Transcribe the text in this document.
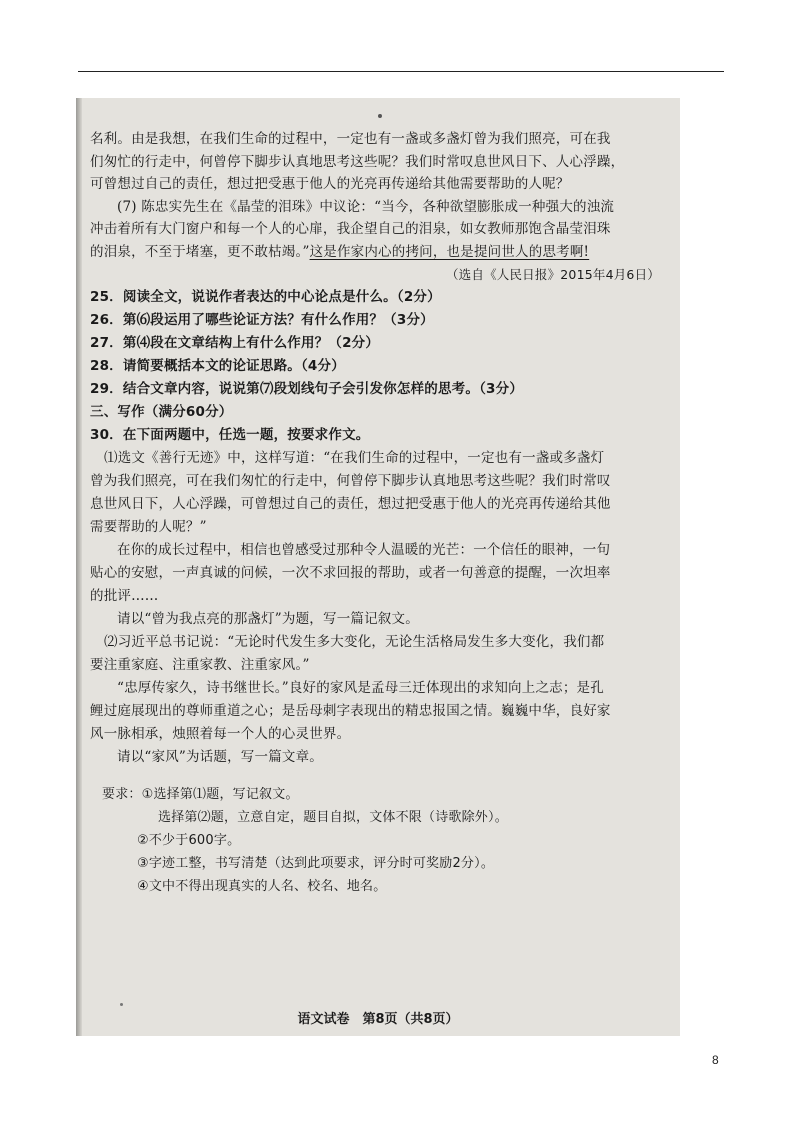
名利。由是我想，在我们生命的过程中，一定也有一盏或多盏灯曾为我们照亮，可在我
们匆忙的行走中，何曾停下脚步认真地思考这些呢？我们时常叹息世风日下、人心浮躁，
可曾想过自己的责任，想过把受惠于他人的光亮再传递给其他需要帮助的人呢？
(7) 陈忠实先生在《晶莹的泪珠》中议论：“当今，各种欲望膨胀成一种强大的浊流
冲击着所有大门窗户和每一个人的心扉，我企望自己的泪泉，如女教师那饱含晶莹泪珠
的泪泉，不至于堵塞，更不敢枯竭。”这是作家内心的拷问，也是提问世人的思考啊!
（选自《人民日报》2015年4月6日）
25．阅读全文，说说作者表达的中心论点是什么。（2分）
26．第⑹段运用了哪些论证方法？有什么作用？（3分）
27．第⑷段在文章结构上有什么作用？（2分）
28．请简要概括本文的论证思路。（4分）
29．结合文章内容，说说第⑺段划线句子会引发你怎样的思考。（3分）
三、写作（满分60分）
30．在下面两题中，任选一题，按要求作文。
⑴选文《善行无迹》中，这样写道：“在我们生命的过程中，一定也有一盏或多盏灯
曾为我们照亮，可在我们匆忙的行走中，何曾停下脚步认真地思考这些呢？我们时常叹
息世风日下，人心浮躁，可曾想过自己的责任，想过把受惠于他人的光亮再传递给其他
需要帮助的人呢？”
在你的成长过程中，相信也曾感受过那种令人温暖的光芒：一个信任的眼神，一句
贴心的安慰，一声真诚的问候，一次不求回报的帮助，或者一句善意的提醒，一次坦率
的批评……
请以“曾为我点亮的那盏灯”为题，写一篇记叙文。
⑵习近平总书记说：“无论时代发生多大变化，无论生活格局发生多大变化，我们都
要注重家庭、注重家教、注重家风。”
“忠厚传家久，诗书继世长。”良好的家风是孟母三迁体现出的求知向上之志；是孔
鲤过庭展现出的尊师重道之心；是岳母刺字表现出的精忠报国之情。巍巍中华，良好家
风一脉相承，烛照着每一个人的心灵世界。
请以“家风”为话题，写一篇文章。
要求：①选择第⑴题，写记叙文。
选择第⑵题，立意自定，题目自拟，文体不限（诗歌除外）。
②不少于600字。
③字迹工整，书写清楚（达到此项要求，评分时可奖励2分）。
④文中不得出现真实的人名、校名、地名。
语文试卷　第8页（共8页）
8
